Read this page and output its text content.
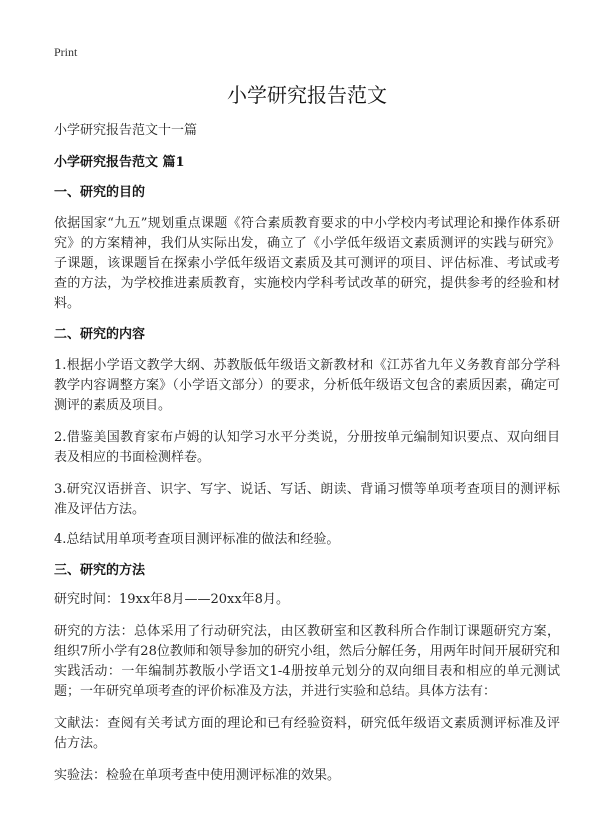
Print
小学研究报告范文
小学研究报告范文十一篇
小学研究报告范文 篇1
一、研究的目的
依据国家“九五”规划重点课题《符合素质教育要求的中小学校内考试理论和操作体系研究》的方案精神，我们从实际出发，确立了《小学低年级语文素质测评的实践与研究》子课题，该课题旨在探索小学低年级语文素质及其可测评的项目、评估标准、考试或考查的方法，为学校推进素质教育，实施校内学科考试改革的研究，提供参考的经验和材料。
二、研究的内容
1.根据小学语文教学大纲、苏教版低年级语文新教材和《江苏省九年义务教育部分学科教学内容调整方案》（小学语文部分）的要求，分析低年级语文包含的素质因素，确定可测评的素质及项目。
2.借鉴美国教育家布卢姆的认知学习水平分类说，分册按单元编制知识要点、双向细目表及相应的书面检测样卷。
3.研究汉语拼音、识字、写字、说话、写话、朗读、背诵习惯等单项考查项目的测评标准及评估方法。
4.总结试用单项考查项目测评标准的做法和经验。
三、研究的方法
研究时间：19xx年8月——20xx年8月。
研究的方法：总体采用了行动研究法，由区教研室和区教科所合作制订课题研究方案，组织7所小学有28位教师和领导参加的研究小组，然后分解任务，用两年时间开展研究和实践活动：一年编制苏教版小学语文1-4册按单元划分的双向细目表和相应的单元测试题；一年研究单项考查的评价标准及方法，并进行实验和总结。具体方法有：
文献法：查阅有关考试方面的理论和已有经验资料，研究低年级语文素质测评标准及评估方法。
实验法：检验在单项考查中使用测评标准的效果。
